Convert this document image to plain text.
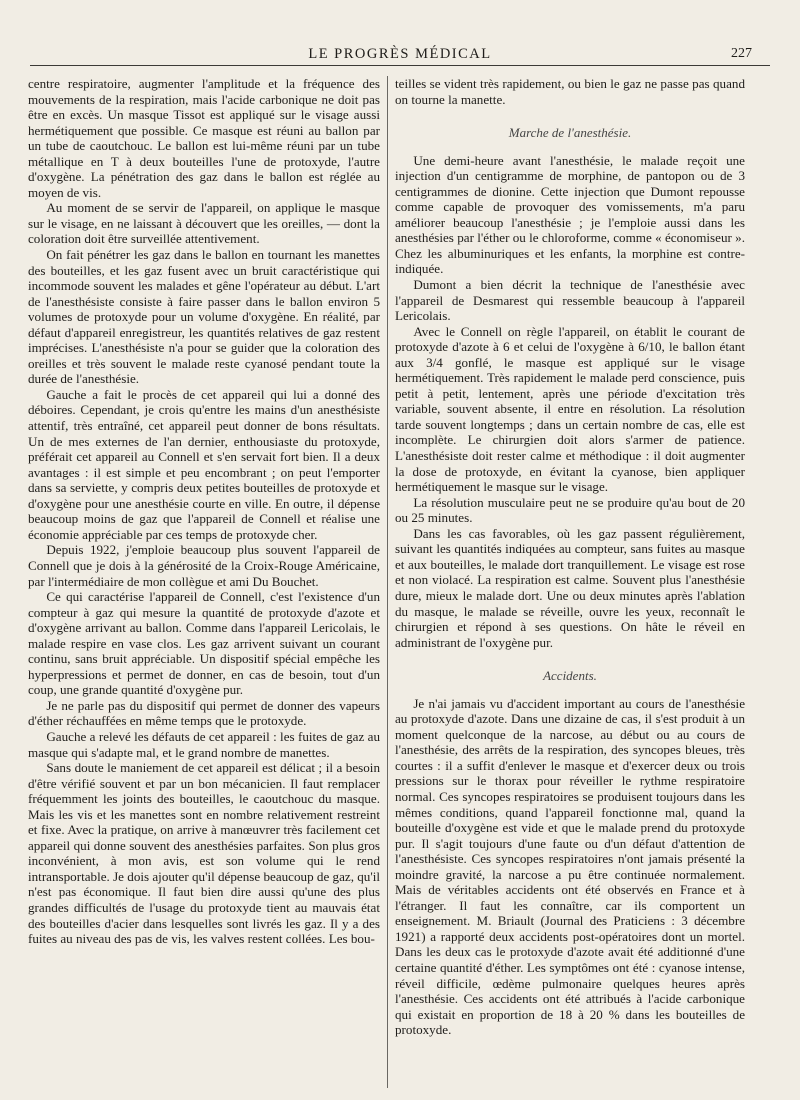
LE PROGRÈS MÉDICAL	227

centre respiratoire, augmenter l'amplitude et la fréquence des mouvements de la respiration, mais l'acide carbonique ne doit pas être en excès. Un masque Tissot est appliqué sur le visage aussi hermétiquement que possible. Ce masque est réuni au ballon par un tube de caoutchouc. Le ballon est lui-même réuni par un tube métallique en T à deux bouteilles l'une de protoxyde, l'autre d'oxygène. La pénétration des gaz dans le ballon est réglée au moyen de vis.

Au moment de se servir de l'appareil, on applique le masque sur le visage, en ne laissant à découvert que les oreilles, — dont la coloration doit être surveillée attentivement.

On fait pénétrer les gaz dans le ballon en tournant les manettes des bouteilles, et les gaz fusent avec un bruit caractéristique qui incommode souvent les malades et gêne l'opérateur au début. L'art de l'anesthésiste consiste à faire passer dans le ballon environ 5 volumes de protoxyde pour un volume d'oxygène. En réalité, par défaut d'appareil enregistreur, les quantités relatives de gaz restent imprécises. L'anesthésiste n'a pour se guider que la coloration des oreilles et très souvent le malade reste cyanosé pendant toute la durée de l'anesthésie.

Gauche a fait le procès de cet appareil qui lui a donné des déboires. Cependant, je crois qu'entre les mains d'un anesthésiste attentif, très entraîné, cet appareil peut donner de bons résultats. Un de mes externes de l'an dernier, enthousiaste du protoxyde, préférait cet appareil au Connell et s'en servait fort bien. Il a deux avantages : il est simple et peu encombrant ; on peut l'emporter dans sa serviette, y compris deux petites bouteilles de protoxyde et d'oxygène pour une anesthésie courte en ville. En outre, il dépense beaucoup moins de gaz que l'appareil de Connell et réalise une économie appréciable par ces temps de protoxyde cher.

Depuis 1922, j'emploie beaucoup plus souvent l'appareil de Connell que je dois à la générosité de la Croix-Rouge Américaine, par l'intermédiaire de mon collègue et ami Du Bouchet.

Ce qui caractérise l'appareil de Connell, c'est l'existence d'un compteur à gaz qui mesure la quantité de protoxyde d'azote et d'oxygène arrivant au ballon. Comme dans l'appareil Lericolais, le malade respire en vase clos. Les gaz arrivent suivant un courant continu, sans bruit appréciable. Un dispositif spécial empêche les hyperpressions et permet de donner, en cas de besoin, tout d'un coup, une grande quantité d'oxygène pur.

Je ne parle pas du dispositif qui permet de donner des vapeurs d'éther réchauffées en même temps que le protoxyde.

Gauche a relevé les défauts de cet appareil : les fuites de gaz au masque qui s'adapte mal, et le grand nombre de manettes.

Sans doute le maniement de cet appareil est délicat ; il a besoin d'être vérifié souvent et par un bon mécanicien. Il faut remplacer fréquemment les joints des bouteilles, le caoutchouc du masque. Mais les vis et les manettes sont en nombre relativement restreint et fixe. Avec la pratique, on arrive à manœuvrer très facilement cet appareil qui donne souvent des anesthésies parfaites. Son plus gros inconvénient, à mon avis, est son volume qui le rend intransportable. Je dois ajouter qu'il dépense beaucoup de gaz, qu'il n'est pas économique. Il faut bien dire aussi qu'une des plus grandes difficultés de l'usage du protoxyde tient au mauvais état des bouteilles d'acier dans lesquelles sont livrés les gaz. Il y a des fuites au niveau des pas de vis, les valves restent collées. Les bou-

teilles se vident très rapidement, ou bien le gaz ne passe pas quand on tourne la manette.

Marche de l'anesthésie.

Une demi-heure avant l'anesthésie, le malade reçoit une injection d'un centigramme de morphine, de pantopon ou de 3 centigrammes de dionine. Cette injection que Dumont repousse comme capable de provoquer des vomissements, m'a paru améliorer beaucoup l'anesthésie ; je l'emploie aussi dans les anesthésies par l'éther ou le chloroforme, comme « économiseur ». Chez les albuminuriques et les enfants, la morphine est contre-indiquée.

Dumont a bien décrit la technique de l'anesthésie avec l'appareil de Desmarest qui ressemble beaucoup à l'appareil Lericolais.

Avec le Connell on règle l'appareil, on établit le courant de protoxyde d'azote à 6 et celui de l'oxygène à 6/10, le ballon étant aux 3/4 gonflé, le masque est appliqué sur le visage hermétiquement. Très rapidement le malade perd conscience, puis petit à petit, lentement, après une période d'excitation très variable, souvent absente, il entre en résolution. La résolution tarde souvent longtemps ; dans un certain nombre de cas, elle est incomplète. Le chirurgien doit alors s'armer de patience. L'anesthésiste doit rester calme et méthodique : il doit augmenter la dose de protoxyde, en évitant la cyanose, bien appliquer hermétiquement le masque sur le visage.

La résolution musculaire peut ne se produire qu'au bout de 20 ou 25 minutes.

Dans les cas favorables, où les gaz passent régulièrement, suivant les quantités indiquées au compteur, sans fuites au masque et aux bouteilles, le malade dort tranquillement. Le visage est rose et non violacé. La respiration est calme. Souvent plus l'anesthésie dure, mieux le malade dort. Une ou deux minutes après l'ablation du masque, le malade se réveille, ouvre les yeux, reconnaît le chirurgien et répond à ses questions. On hâte le réveil en administrant de l'oxygène pur.

Accidents.

Je n'ai jamais vu d'accident important au cours de l'anesthésie au protoxyde d'azote. Dans une dizaine de cas, il s'est produit à un moment quelconque de la narcose, au début ou au cours de l'anesthésie, des arrêts de la respiration, des syncopes bleues, très courtes : il a suffit d'enlever le masque et d'exercer deux ou trois pressions sur le thorax pour réveiller le rythme respiratoire normal. Ces syncopes respiratoires se produisent toujours dans les mêmes conditions, quand l'appareil fonctionne mal, quand la bouteille d'oxygène est vide et que le malade prend du protoxyde pur. Il s'agit toujours d'une faute ou d'un défaut d'attention de l'anesthésiste. Ces syncopes respiratoires n'ont jamais présenté la moindre gravité, la narcose a pu être continuée normalement. Mais de véritables accidents ont été observés en France et à l'étranger. Il faut les connaître, car ils comportent un enseignement. M. Briault (Journal des Praticiens : 3 décembre 1921) a rapporté deux accidents post-opératoires dont un mortel. Dans les deux cas le protoxyde d'azote avait été additionné d'une certaine quantité d'éther. Les symptômes ont été : cyanose intense, réveil difficile, œdème pulmonaire quelques heures après l'anesthésie. Ces accidents ont été attribués à l'acide carbonique qui existait en proportion de 18 à 20 % dans les bouteilles de protoxyde.
